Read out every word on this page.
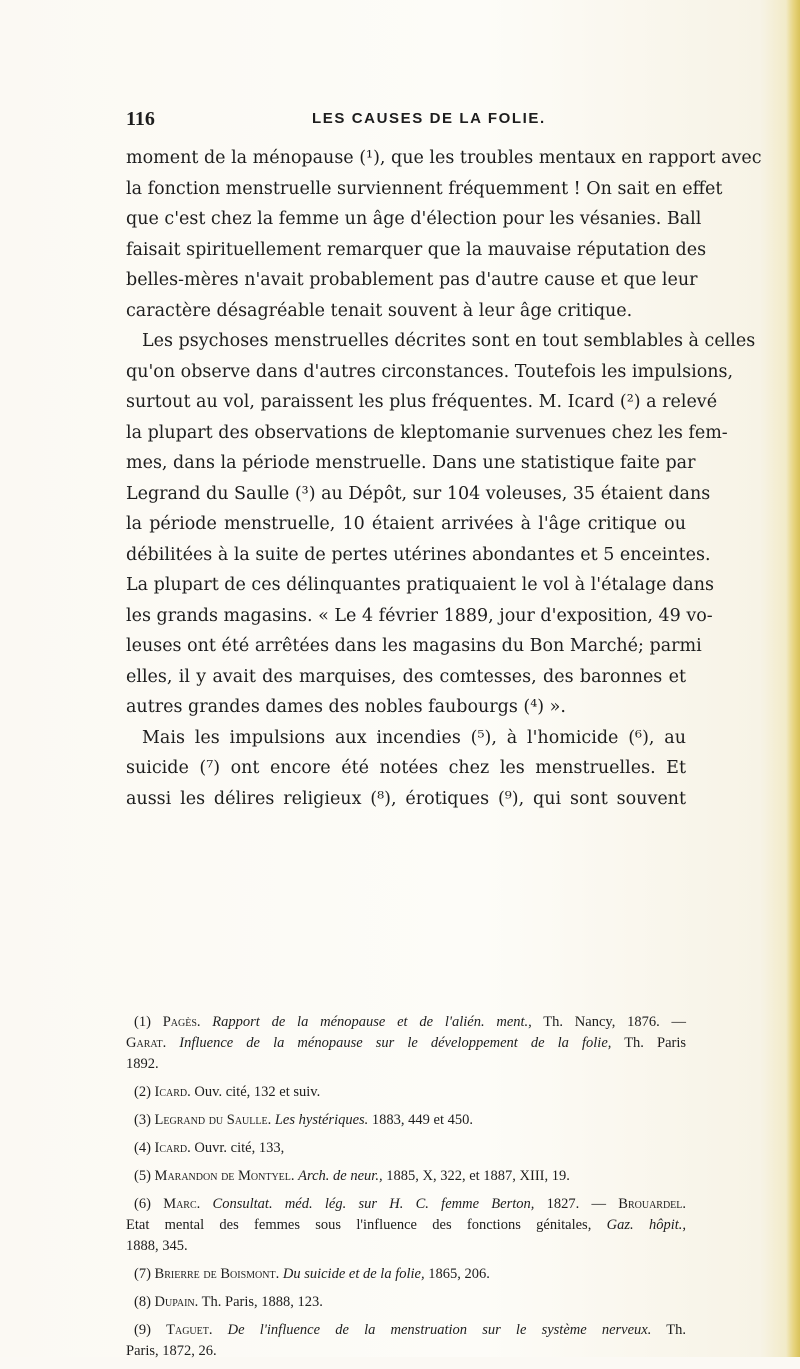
116	LES CAUSES DE LA FOLIE.
moment de la ménopause (¹), que les troubles mentaux en rapport avec
la fonction menstruelle surviennent fréquemment ! On sait en effet
que c'est chez la femme un âge d'élection pour les vésanies. Ball
faisait spirituellement remarquer que la mauvaise réputation des
belles-mères n'avait probablement pas d'autre cause et que leur
caractère désagréable tenait souvent à leur âge critique.
Les psychoses menstruelles décrites sont en tout semblables à celles
qu'on observe dans d'autres circonstances. Toutefois les impulsions,
surtout au vol, paraissent les plus fréquentes. M. Icard (²) a relevé
la plupart des observations de kleptomanie survenues chez les fem-
mes, dans la période menstruelle. Dans une statistique faite par
Legrand du Saulle (³) au Dépôt, sur 104 voleuses, 35 étaient dans
la période menstruelle, 10 étaient arrivées à l'âge critique ou
débilitées à la suite de pertes utérines abondantes et 5 enceintes.
La plupart de ces délinquantes pratiquaient le vol à l'étalage dans
les grands magasins. « Le 4 février 1889, jour d'exposition, 49 vo-
leuses ont été arrêtées dans les magasins du Bon Marché; parmi
elles, il y avait des marquises, des comtesses, des baronnes et
autres grandes dames des nobles faubourgs (⁴) ».
Mais les impulsions aux incendies (⁵), à l'homicide (⁶), au
suicide (⁷) ont encore été notées chez les menstruelles. Et
aussi les délires religieux (⁸), érotiques (⁹), qui sont souvent
(1) Pagès. Rapport de la ménopause et de l'alién. ment., Th. Nancy, 1876. —
Garat. Influence de la ménopause sur le développement de la folie, Th. Paris
1892.
(2) Icard. Ouv. cité, 132 et suiv.
(3) Legrand du Saulle. Les hystériques. 1883, 449 et 450.
(4) Icard. Ouvr. cité, 133,
(5) Marandon de Montyel. Arch. de neur., 1885, X, 322, et 1887, XIII, 19.
(6) Marc. Consultat. méd. lég. sur H. C. femme Berton, 1827. — Brouardel.
Etat mental des femmes sous l'influence des fonctions génitales, Gaz. hôpit.,
1888, 345.
(7) Brierre de Boismont. Du suicide et de la folie, 1865, 206.
(8) Dupain. Th. Paris, 1888, 123.
(9) Taguet. De l'influence de la menstruation sur le système nerveux. Th.
Paris, 1872, 26.
